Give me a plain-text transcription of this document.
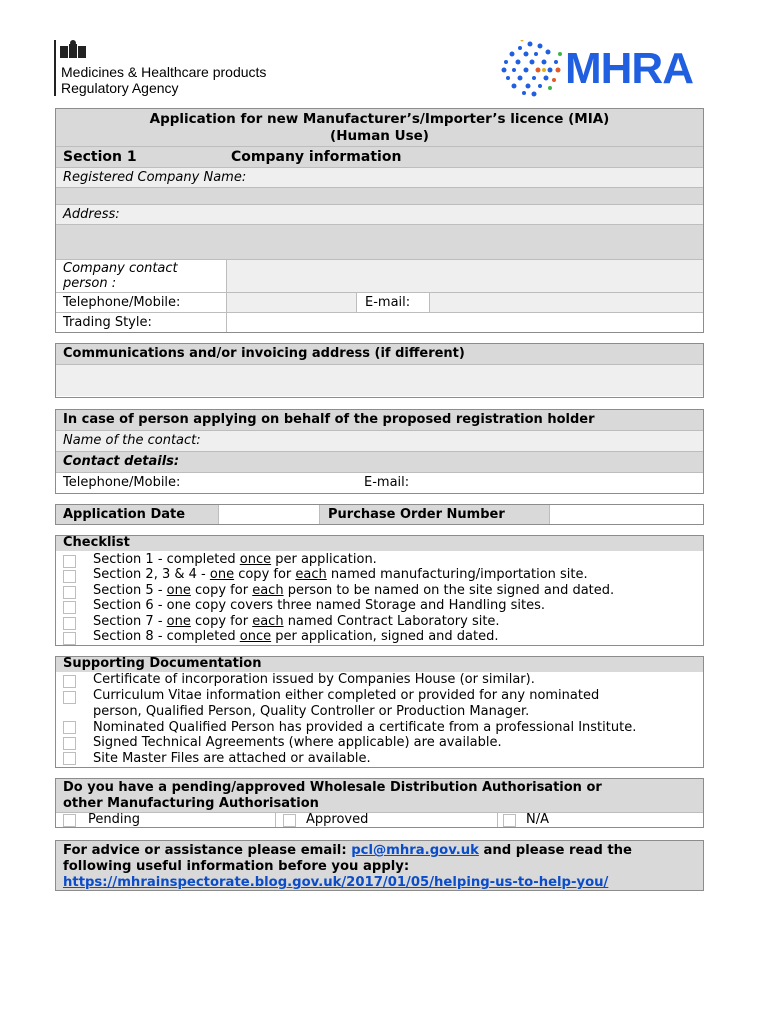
Medicines & Healthcare products
Regulatory Agency	MHRA
Application for new Manufacturer’s/Importer’s licence (MIA)
(Human Use)
Section 1	Company information
Registered Company Name:
Address:
Company contact
person :
Telephone/Mobile:	E-mail:
Trading Style:
Communications and/or invoicing address (if different)
In case of person applying on behalf of the proposed registration holder
Name of the contact:
Contact details:
Telephone/Mobile:	E-mail:
Application Date	Purchase Order Number
Checklist
Section 1 - completed once per application.
Section 2, 3 & 4 - one copy for each named manufacturing/importation site.
Section 5 - one copy for each person to be named on the site signed and dated.
Section 6 - one copy covers three named Storage and Handling sites.
Section 7 - one copy for each named Contract Laboratory site.
Section 8 - completed once per application, signed and dated.
Supporting Documentation
Certificate of incorporation issued by Companies House (or similar).
Curriculum Vitae information either completed or provided for any nominated
person, Qualified Person, Quality Controller or Production Manager.
Nominated Qualified Person has provided a certificate from a professional Institute.
Signed Technical Agreements (where applicable) are available.
Site Master Files are attached or available.
Do you have a pending/approved Wholesale Distribution Authorisation or
other Manufacturing Authorisation
Pending	Approved	N/A
For advice or assistance please email: pcl@mhra.gov.uk and please read the
following useful information before you apply:
https://mhrainspectorate.blog.gov.uk/2017/01/05/helping-us-to-help-you/
